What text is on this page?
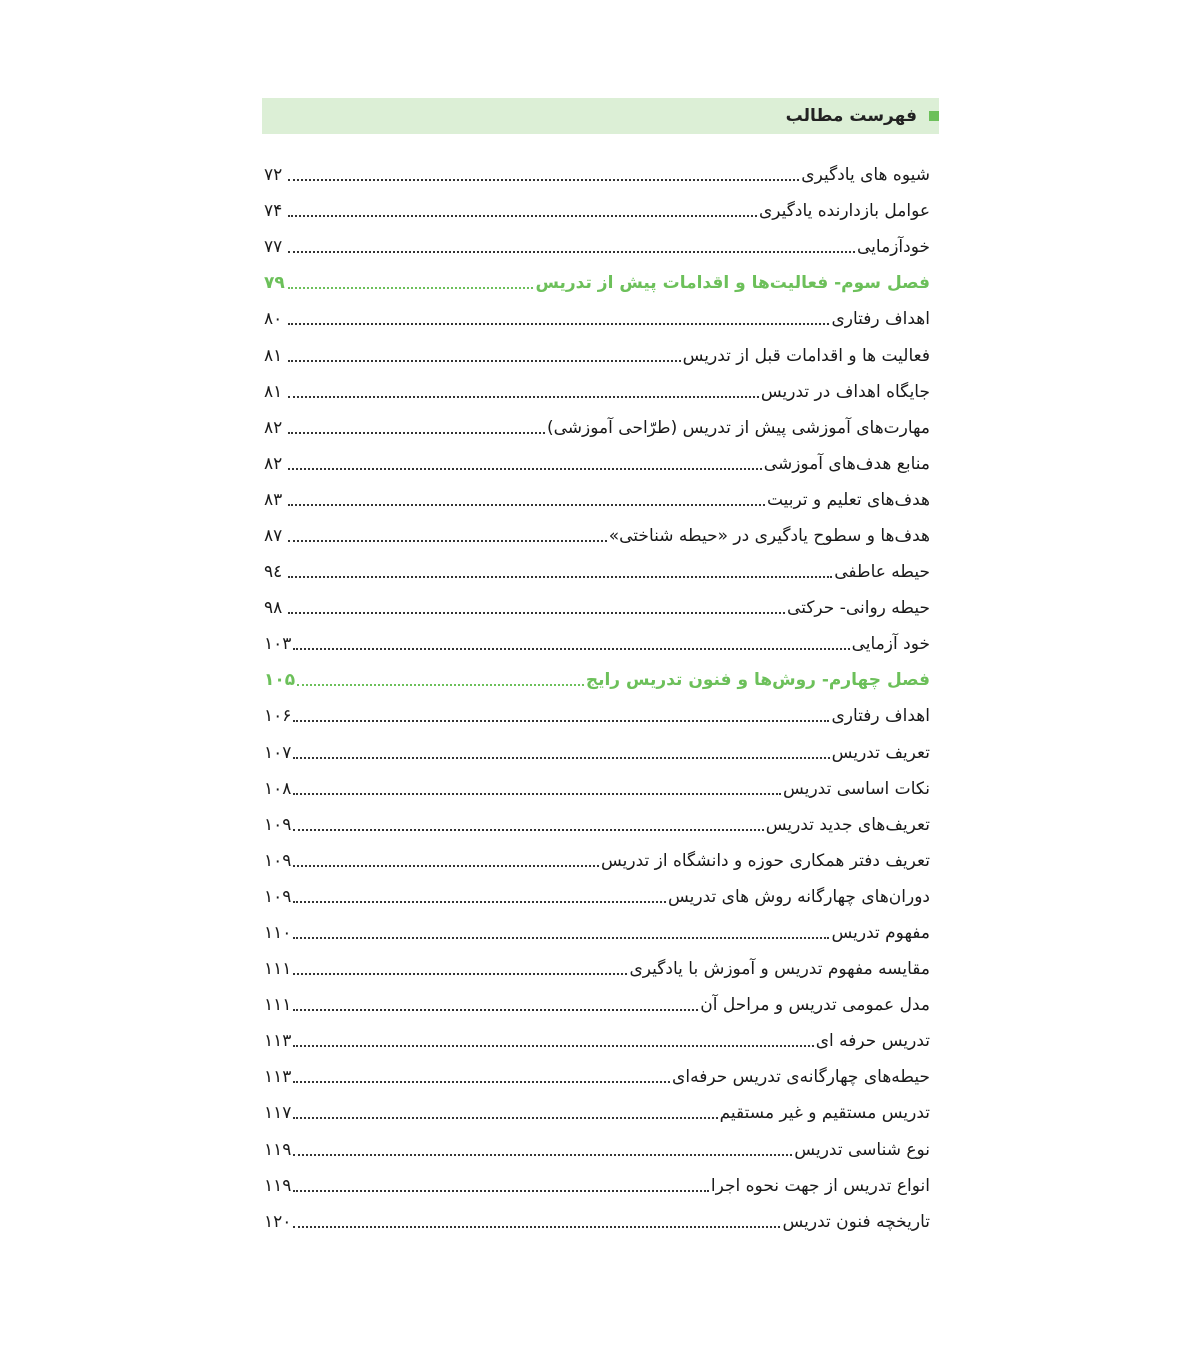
فهرست مطالب
شیوه های یادگیری
۷۲
عوامل بازدارنده یادگیری
۷۴
خودآزمایی
۷۷
فصل سوم- فعالیت‌ها و اقدامات پیش از تدریس
۷۹
اهداف رفتاری
۸۰
فعالیت ها و اقدامات قبل از تدریس
۸۱
جایگاه اهداف در تدریس
۸۱
مهارت‌های آموزشی پیش از تدریس (طرّاحی آموزشی)
۸۲
منابع هدف‌های آموزشی
۸۲
هدف‌های تعلیم و تربیت
۸۳
هدف‌ها و سطوح یادگیری در «حیطه شناختی»
۸۷
حیطه عاطفی
۹٤
حیطه روانی- حرکتی
۹۸
خود آزمایی
۱۰۳
فصل چهارم- روش‌ها و فنون تدریس رایج
۱۰۵
اهداف رفتاری
۱۰۶
تعریف تدریس
۱۰۷
نکات اساسی تدریس
۱۰۸
تعریف‌های جدید تدریس
۱۰۹
تعریف دفتر همکاری حوزه و دانشگاه از تدریس
۱۰۹
دوران‌های چهارگانه روش های تدریس
۱۰۹
مفهوم تدریس
۱۱۰
مقایسه مفهوم تدریس و آموزش با یادگیری
۱۱۱
مدل عمومی تدریس و مراحل آن
۱۱۱
تدریس حرفه ای
۱۱۳
حیطه‌های چهارگانه‌ی تدریس حرفه‌ای
۱۱۳
تدریس مستقیم و غیر مستقیم
۱۱۷
نوع شناسی تدریس
۱۱۹
انواع تدریس از جهت نحوه اجرا
۱۱۹
تاریخچه فنون تدریس
۱۲۰
